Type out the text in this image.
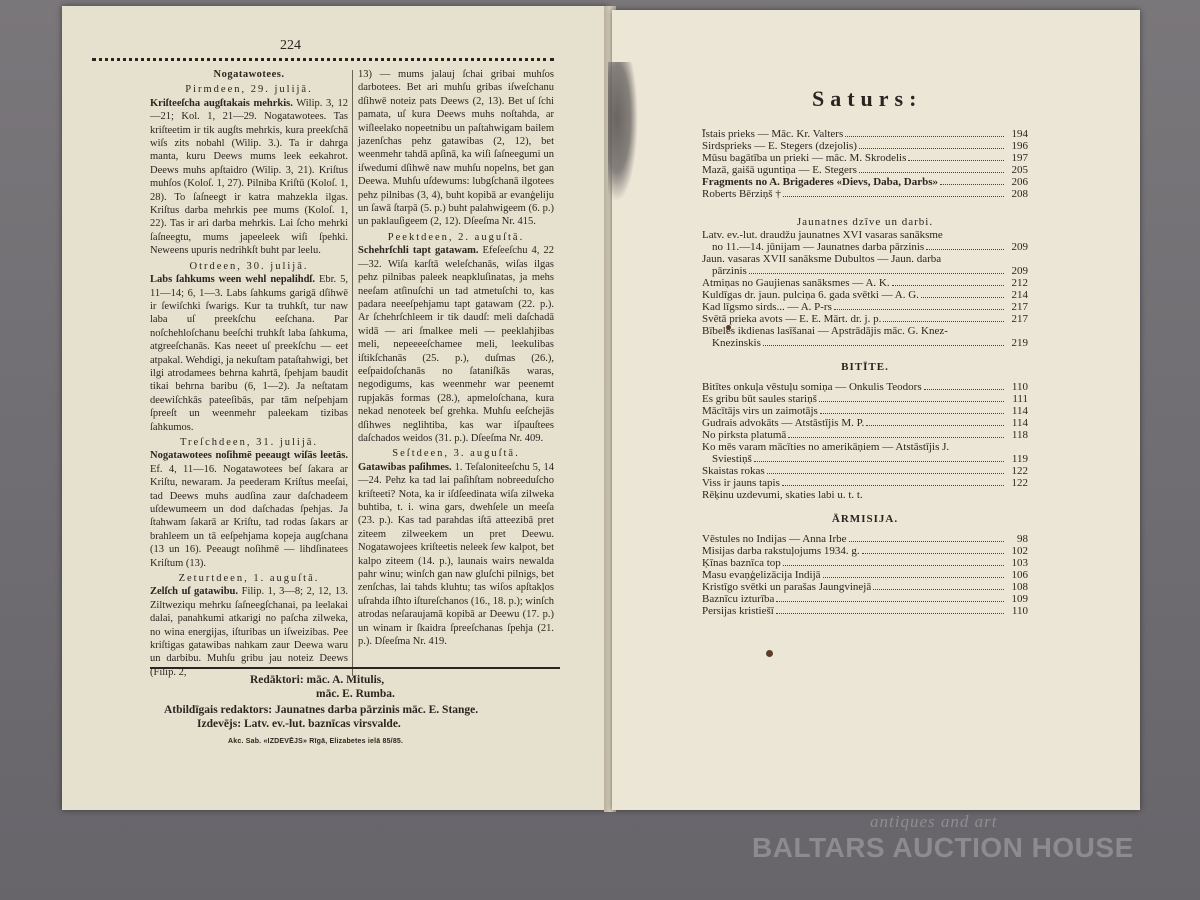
224

Nogatawotees.

Pirmdeen, 29. julijā.

Kriſteeſcha augſtakais mehrkis. Wilip. 3, 12—21; Kol. 1, 21—29. Nogatawotees. Tas kriſteetim ir tik augſts mehrkis, kura preekſchā wiſs zits nobahl (Wilip. 3.). Ta ir dahrga manta, kuru Deews mums leek eekahrot. Deews muhs apſtaidro (Wilip. 3, 21). Kriſtus muhſos (Koloſ. 1, 27). Pilniba Kriſtū (Koloſ. 1, 28). To ſaſneegt ir katra mahzekla ilgas. Kriſtus darba mehrkis pee mums (Koloſ. 1, 22). Tas ir ari darba mehrkis. Lai ſcho mehrki ſaſneegtu, mums japeeleek wiſi ſpehki. Neweens upuris nedrihkſt buht par leelu.

Otrdeen, 30. julijā.

Labs ſahkums ween wehl nepalihdſ. Ebr. 5, 11—14; 6, 1—3. Labs ſahkums garigā dſihwē ir ſewiſchki ſwarigs. Kur ta truhkſt, tur naw laba uſ preekſchu eeſchana. Par noſchehloſchanu beeſchi truhkſt laba ſahkuma, atgreeſchanās. Kas neeet uſ preekſchu — eet atpakal. Wehdigi, ja nekuſtam pataſtahwigi, bet ilgi atrodamees behrna kahrtā, ſpehjam baudit tikai behrna baribu (6, 1—2). Ja neſtatam deewiſchkās pateeſibās, par tām neſpehjam ſpreeſt un weenmehr paleekam tizibas ſahkumos.

Treſchdeen, 31. julijā.

Nogatawotees noſihmē peeaugt wiſās leetās. Ef. 4, 11—16. Nogatawotees beſ ſakara ar Kriſtu, newaram. Ja peederam Kriſtus meeſai, tad Deews muhs audſina zaur daſchadeem uſdewumeem un dod daſchadas ſpehjas. Ja ſtahwam ſakarā ar Kriſtu, tad rodas ſakars ar brahleem un tā eeſpehjama kopeja augſchana (13 un 16). Peeaugt noſihmē — lihdſinatees Kriſtum (13).

Zeturtdeen, 1. auguſtā.

Zelſch uſ gatawibu. Filip. 1, 3—8; 2, 12, 13. Ziltweziqu mehrku ſaſneegſchanai, pa leelakai dalai, panahkumi atkarigi no paſcha zilweka, no wina energijas, iſturibas un iſweizibas. Pee kriſtigas gatawibas nahkam zaur Deewa waru un darbibu. Muhſu gribu jau noteiz Deews (Filip. 2,

13) — mums jalauj ſchai gribai muhſos darbotees. Bet ari muhſu gribas iſweſchanu dſihwē noteiz pats Deews (2, 13). Bet uſ ſchi pamata, uſ kura Deews muhs noſtahda, ar wiſleelako nopeetnibu un paſtahwigam bailem jazenſchas pehz gatawibas (2, 12), bet weenmehr tahdā apſinā, ka wiſi ſaſneegumi un iſwedumi dſihwē naw muhſu nopelns, bet gan Deewa. Muhſu uſdewums: lubgſchanā ilgotees pehz pilnibas (3, 4), buht kopibā ar evanģeliju un ſawā ſtarpā (5. p.) buht palahwigeem (6. p.) un paklauſigeem (2, 12). Dſeeſma Nr. 415.

Peektdeen, 2. auguſtā.

Schehrſchli tapt gatawam. Efeſeeſchu 4, 22—32. Wiſa karſtā weleſchanās, wiſas ilgas pehz pilnibas paleek neapkluſinatas, ja mehs neeſam atſinuſchi un tad atmetuſchi to, kas padara neeeſpehjamu tapt gatawam (22. p.). Ar ſchehrſchleem ir tik daudſ: meli daſchadā widā — ari ſmalkee meli — peeklahjibas meli, nepeeeeſchamee meli, leekulibas iſtikſchanās (25. p.), duſmas (26.), eeſpaidoſchanās no ſataniſkās waras, negodigums, kas weenmehr war peenemt rupjakās formas (28.), apmeloſchana, kura nekad nenoteek beſ grehka. Muhſu eeſchejās dſihwes neglihtiba, kas war iſpauſtees daſchados weidos (31. p.). Dſeeſma Nr. 409.

Seſtdeen, 3. auguſtā.

Gatawibas paſihmes. 1. Teſaloniteeſchu 5, 14—24. Pehz ka tad lai paſihſtam nobreeduſcho kriſteeti? Nota, ka ir iſdſeedinata wiſa zilweka buhtiba, t. i. wina gars, dwehſele un meeſa (23. p.). Kas tad parahdas iſtā atteezibā pret ziteem zilweekem un pret Deewu. Nogatawojees kriſteetis neleek ſew kalpot, bet kalpo ziteem (14. p.), launais wairs newalda pahr winu; winſch gan naw gluſchi pilnigs, bet zenſchas, lai tahds kluhtu; tas wiſos apſtakļos uſrahda iſhto iſtureſchanos (16., 18. p.); winſch atrodas neſaraujamā kopibā ar Deewu (17. p.) un winam ir ſkaidra ſpreeſchanas ſpehja (21. p.). Dſeeſma Nr. 419.

Redāktori: māc. A. Mitulis,
māc. E. Rumba.
Atbildīgais redaktors: Jaunatnes darba pārzinis māc. E. Stange.
Izdevējs: Latv. ev.-lut. baznīcas virsvalde.
Akc. Sab. «IZDEVĒJS» Rīgā, Elizabetes ielā 85/85.
Saturs:
Īstais prieks — Māc. Kr. Valters	194
Sirdsprieks — E. Stegers (dzejolis)	196
Mūsu bagātība un prieki — māc. M. Skrodelis	197
Mazā, gaišā uguntiņa — E. Stegers	205
Fragments no A. Brigaderes «Dievs, Daba, Darbs»	206
Roberts Bērziņš †	208
Jaunatnes dzīve un darbi.
Latv. ev.-lut. draudžu jaunatnes XVI vasaras sanāksme
no 11.—14. jūnijam — Jaunatnes darba pārzinis	209
Jaun. vasaras XVII sanāksme Dubultos — Jaun. darba
pārzinis	209
Atmiņas no Gaujienas sanāksmes — A. K.	212
Kuldīgas dr. jaun. pulciņa 6. gada svētki — A. G.	214
Kad līgsmo sirds... — A. P-rs	217
Svētā prieka avots — E. E. Mārt. dr. j. p.	217
Bībeles ikdienas lasīšanai — Apstrādājis māc. G. Knez-
Knezinskis	219
BITĪTE.
Bitītes onkuļa vēstuļu somiņa — Onkulis Teodors	110
Es gribu būt saules stariņš	111
Mācītājs virs un zaimotājs	114
Gudrais advokāts — Atstāstījis M. P.	114
No pirksta platumā	118
Ko mēs varam mācīties no amerikāņiem — Atstāstījis J.
Sviestiņš	119
Skaistas rokas	122
Viss ir jauns tapis	122
Rēķinu uzdevumi, skaties labi u. t. t.
ĀRMISIJA.
Vēstules no Indijas — Anna Irbe	98
Misijas darba rakstuļojums 1934. g.	102
Ķīnas baznīca top	103
Masu evaņģelizācija Indijā	106
Kristīgo svētki un parašas Jaungvinejā	108
Baznīcu izturība	109
Persijas kristiešī	110
antiques and art
BALTARS AUCTION HOUSE
